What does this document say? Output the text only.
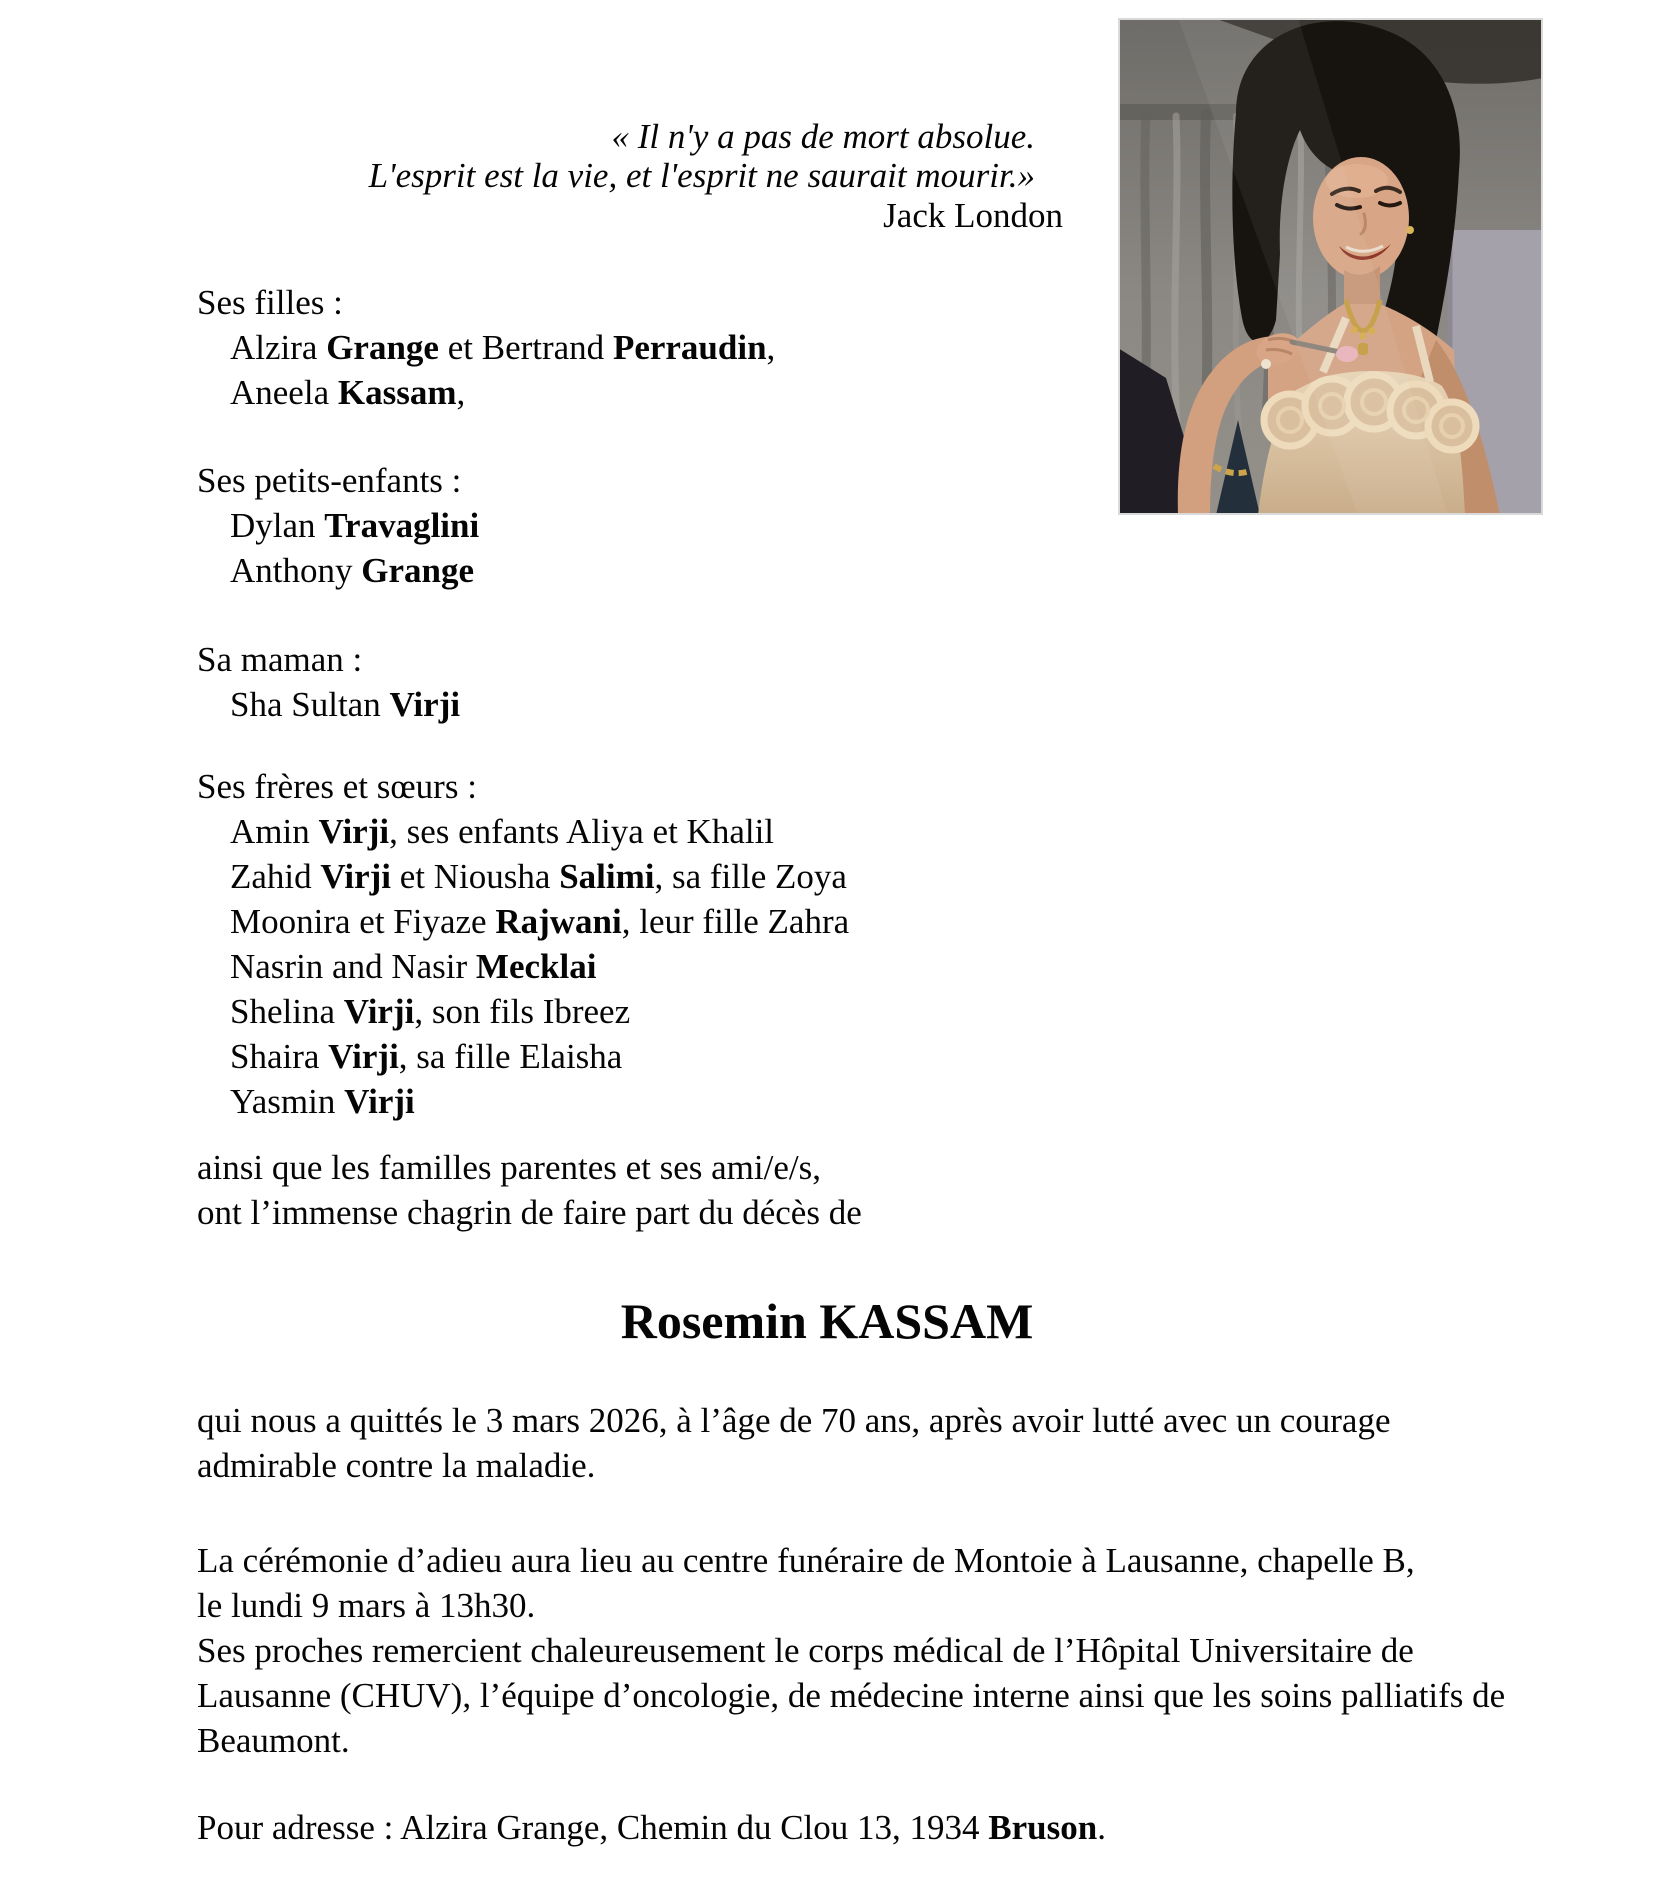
« Il n'y a pas de mort absolue.
L'esprit est la vie, et l'esprit ne saurait mourir.»
Jack London
Ses filles :
Alzira Grange et Bertrand Perraudin,
Aneela Kassam,
Ses petits-enfants :
Dylan Travaglini
Anthony Grange
Sa maman :
Sha Sultan Virji
Ses frères et sœurs :
Amin Virji, ses enfants Aliya et Khalil
Zahid Virji et Niousha Salimi, sa fille Zoya
Moonira et Fiyaze Rajwani, leur fille Zahra
Nasrin and Nasir Mecklai
Shelina Virji, son fils Ibreez
Shaira Virji, sa fille Elaisha
Yasmin Virji
ainsi que les familles parentes et ses ami/e/s,
ont l’immense chagrin de faire part du décès de
Rosemin KASSAM
qui nous a quittés le 3 mars 2026, à l’âge de 70 ans, après avoir lutté avec un courage
admirable contre la maladie.
La cérémonie d’adieu aura lieu au centre funéraire de Montoie à Lausanne, chapelle B,
le lundi 9 mars à 13h30.
Ses proches remercient chaleureusement le corps médical de l’Hôpital Universitaire de
Lausanne (CHUV), l’équipe d’oncologie, de médecine interne ainsi que les soins palliatifs de
Beaumont.
Pour adresse : Alzira Grange, Chemin du Clou 13, 1934 Bruson.
